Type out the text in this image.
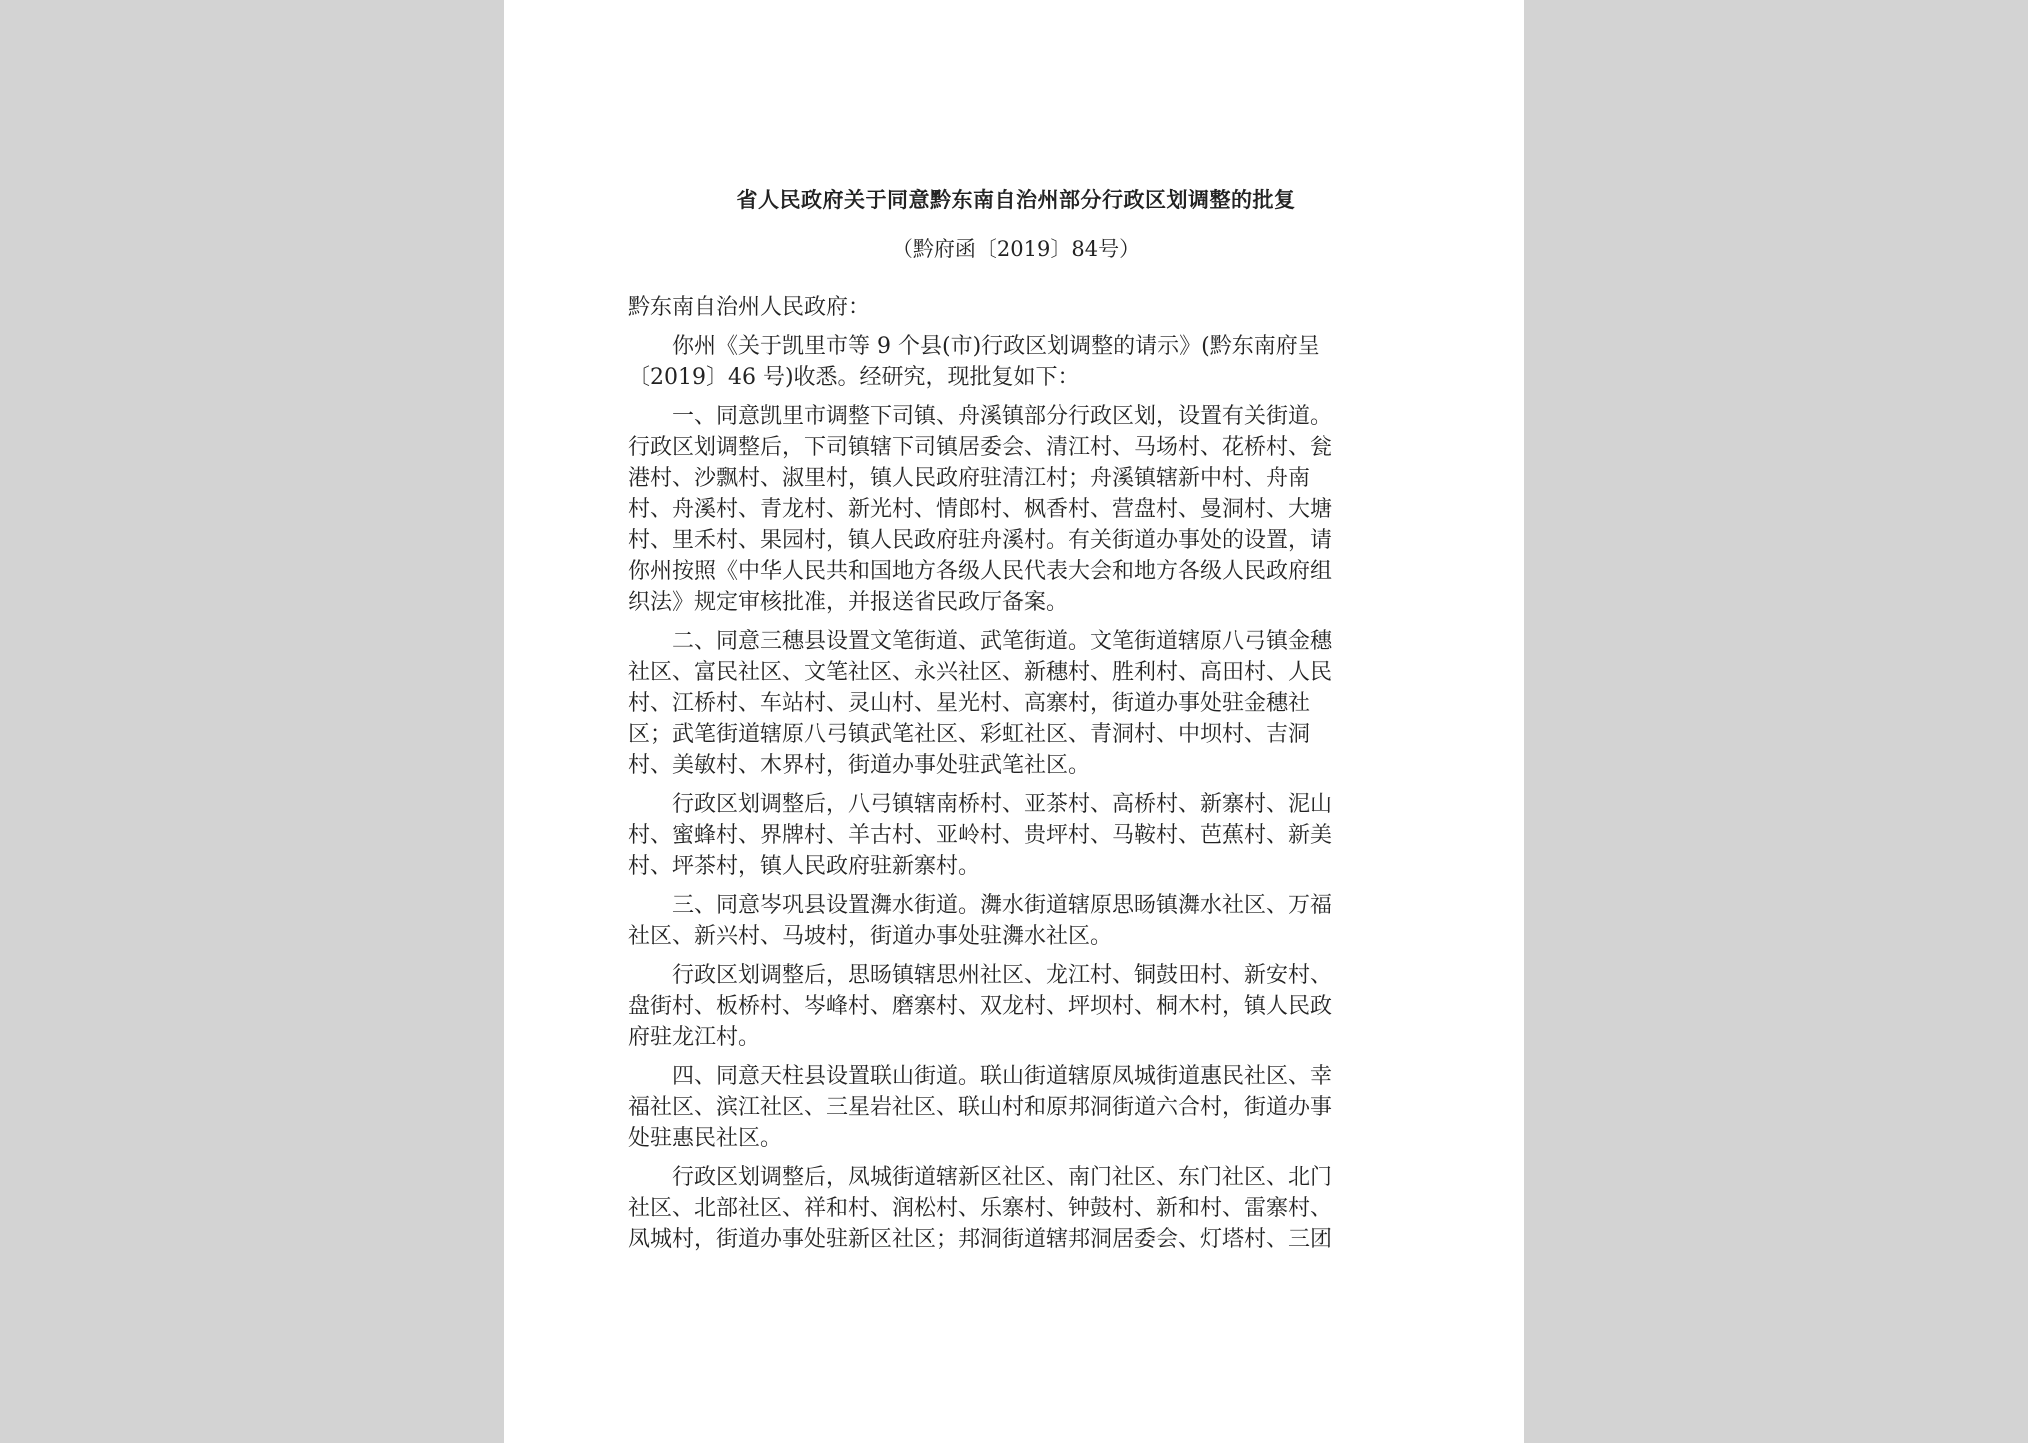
省人民政府关于同意黔东南自治州部分行政区划调整的批复

（黔府函〔2019〕84号）

黔东南自治州人民政府：

你州《关于凯里市等 9 个县(市)行政区划调整的请示》(黔东南府呈
〔2019〕46 号)收悉。经研究，现批复如下：

一、同意凯里市调整下司镇、舟溪镇部分行政区划，设置有关街道。
行政区划调整后，下司镇辖下司镇居委会、清江村、马场村、花桥村、瓮
港村、沙飘村、淑里村，镇人民政府驻清江村；舟溪镇辖新中村、舟南
村、舟溪村、青龙村、新光村、情郎村、枫香村、营盘村、曼洞村、大塘
村、里禾村、果园村，镇人民政府驻舟溪村。有关街道办事处的设置，请
你州按照《中华人民共和国地方各级人民代表大会和地方各级人民政府组
织法》规定审核批准，并报送省民政厅备案。

二、同意三穗县设置文笔街道、武笔街道。文笔街道辖原八弓镇金穗
社区、富民社区、文笔社区、永兴社区、新穗村、胜利村、高田村、人民
村、江桥村、车站村、灵山村、星光村、高寨村，街道办事处驻金穗社
区；武笔街道辖原八弓镇武笔社区、彩虹社区、青洞村、中坝村、吉洞
村、美敏村、木界村，街道办事处驻武笔社区。

行政区划调整后，八弓镇辖南桥村、亚茶村、高桥村、新寨村、泥山
村、蜜蜂村、界牌村、羊古村、亚岭村、贵坪村、马鞍村、芭蕉村、新美
村、坪茶村，镇人民政府驻新寨村。

三、同意岑巩县设置㵲水街道。㵲水街道辖原思旸镇㵲水社区、万福
社区、新兴村、马坡村，街道办事处驻㵲水社区。

行政区划调整后，思旸镇辖思州社区、龙江村、铜鼓田村、新安村、
盘街村、板桥村、岑峰村、磨寨村、双龙村、坪坝村、桐木村，镇人民政
府驻龙江村。

四、同意天柱县设置联山街道。联山街道辖原凤城街道惠民社区、幸
福社区、滨江社区、三星岩社区、联山村和原邦洞街道六合村，街道办事
处驻惠民社区。

行政区划调整后，凤城街道辖新区社区、南门社区、东门社区、北门
社区、北部社区、祥和村、润松村、乐寨村、钟鼓村、新和村、雷寨村、
凤城村，街道办事处驻新区社区；邦洞街道辖邦洞居委会、灯塔村、三团
